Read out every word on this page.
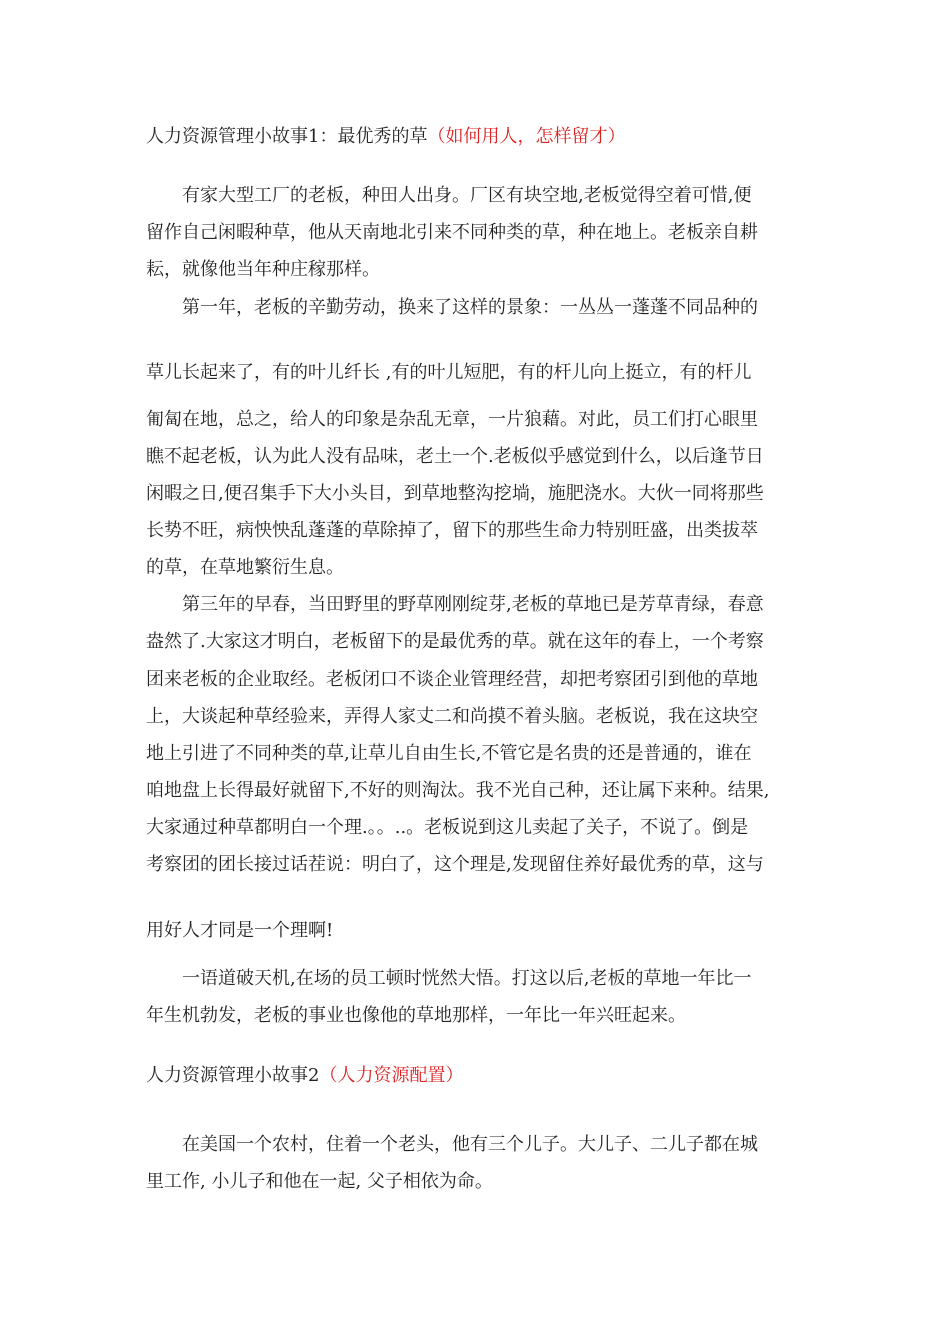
人力资源管理小故事1：最优秀的草（如何用人，怎样留才）
有家大型工厂的老板，种田人出身。厂区有块空地,老板觉得空着可惜,便
留作自己闲暇种草，他从天南地北引来不同种类的草，种在地上。老板亲自耕
耘，就像他当年种庄稼那样。
第一年，老板的辛勤劳动，换来了这样的景象：一丛丛一蓬蓬不同品种的
草儿长起来了，有的叶儿纤长 ,有的叶儿短肥，有的杆儿向上挺立，有的杆儿
匍匐在地，总之，给人的印象是杂乱无章，一片狼藉。对此，员工们打心眼里
瞧不起老板，认为此人没有品味，老土一个.老板似乎感觉到什么，以后逢节日
闲暇之日,便召集手下大小头目，到草地整沟挖埫，施肥浇水。大伙一同将那些
长势不旺，病怏怏乱蓬蓬的草除掉了，留下的那些生命力特别旺盛，出类拔萃
的草，在草地繁衍生息。
第三年的早春，当田野里的野草刚刚绽芽,老板的草地已是芳草青绿，春意
盎然了.大家这才明白，老板留下的是最优秀的草。就在这年的春上，一个考察
团来老板的企业取经。老板闭口不谈企业管理经营，却把考察团引到他的草地
上，大谈起种草经验来，弄得人家丈二和尚摸不着头脑。老板说，我在这块空
地上引进了不同种类的草,让草儿自由生长,不管它是名贵的还是普通的，谁在
咱地盘上长得最好就留下,不好的则淘汰。我不光自己种，还让属下来种。结果,
大家通过种草都明白一个理.。。..。老板说到这儿卖起了关子，不说了。倒是
考察团的团长接过话茬说：明白了，这个理是,发现留住养好最优秀的草，这与
用好人才同是一个理啊!
一语道破天机,在场的员工顿时恍然大悟。打这以后,老板的草地一年比一
年生机勃发，老板的事业也像他的草地那样，一年比一年兴旺起来。
人力资源管理小故事2（人力资源配置）
在美国一个农村，住着一个老头，他有三个儿子。大儿子、二儿子都在城
里工作, 小儿子和他在一起, 父子相依为命。
